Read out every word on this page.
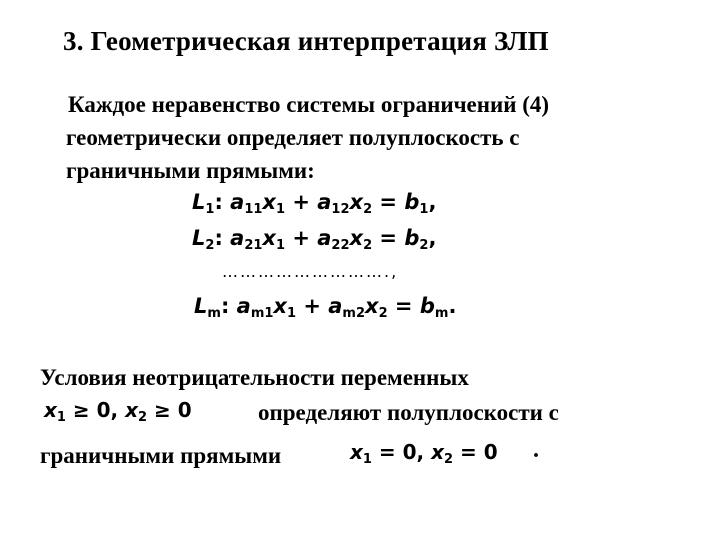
3. Геометрическая интерпретация ЗЛП
Каждое неравенство системы ограничений (4)
геометрически определяет полуплоскость с
граничными прямыми:
$L_1$: $a_{11}x_1 + a_{12}x_2 = b_1$,
$L_2$: $a_{21}x_1 + a_{22}x_2 = b_2$,
$L_m$: $a_{m1}x_1 + a_{m2}x_2 = b_m$.
……………………….,
Условия неотрицательности переменных
$x_1 \ge 0$, $x_2 \ge 0$	определяют полуплоскости с
граничными прямыми	$x_1 = 0$, $x_2 = 0$ .
